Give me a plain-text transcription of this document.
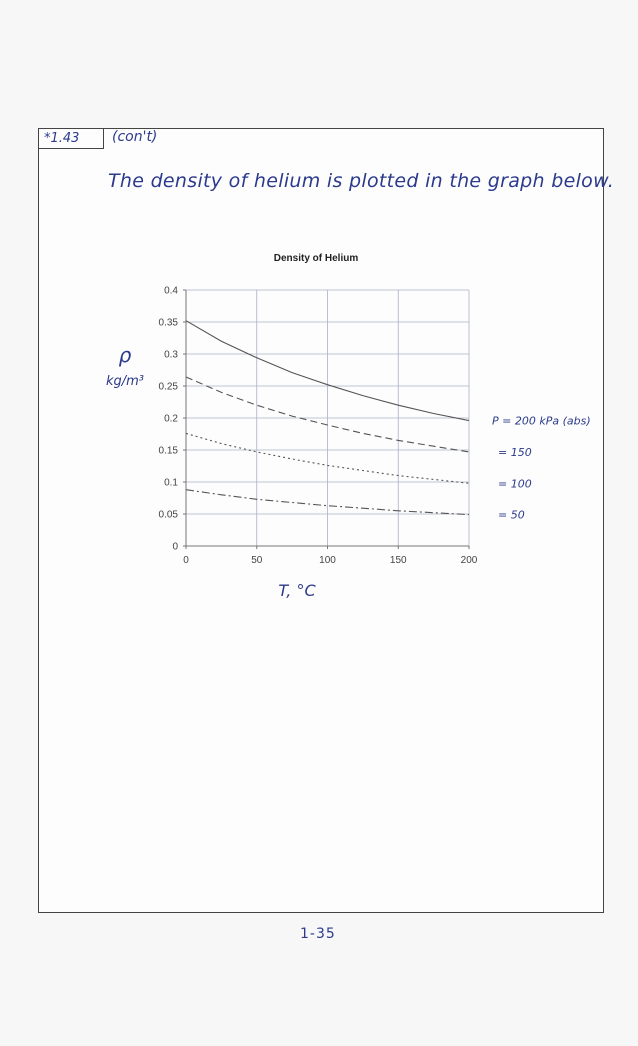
*1.43	(con't)
The density of helium is plotted in the graph below.
Density of Helium
0
0.05
0.1
0.15
0.2
0.25
0.3
0.35
0.4
0	50	100	150	200
P = 200 kPa (abs)
= 150
= 100
= 50
ρ
kg/m³
T, °C
1-35
